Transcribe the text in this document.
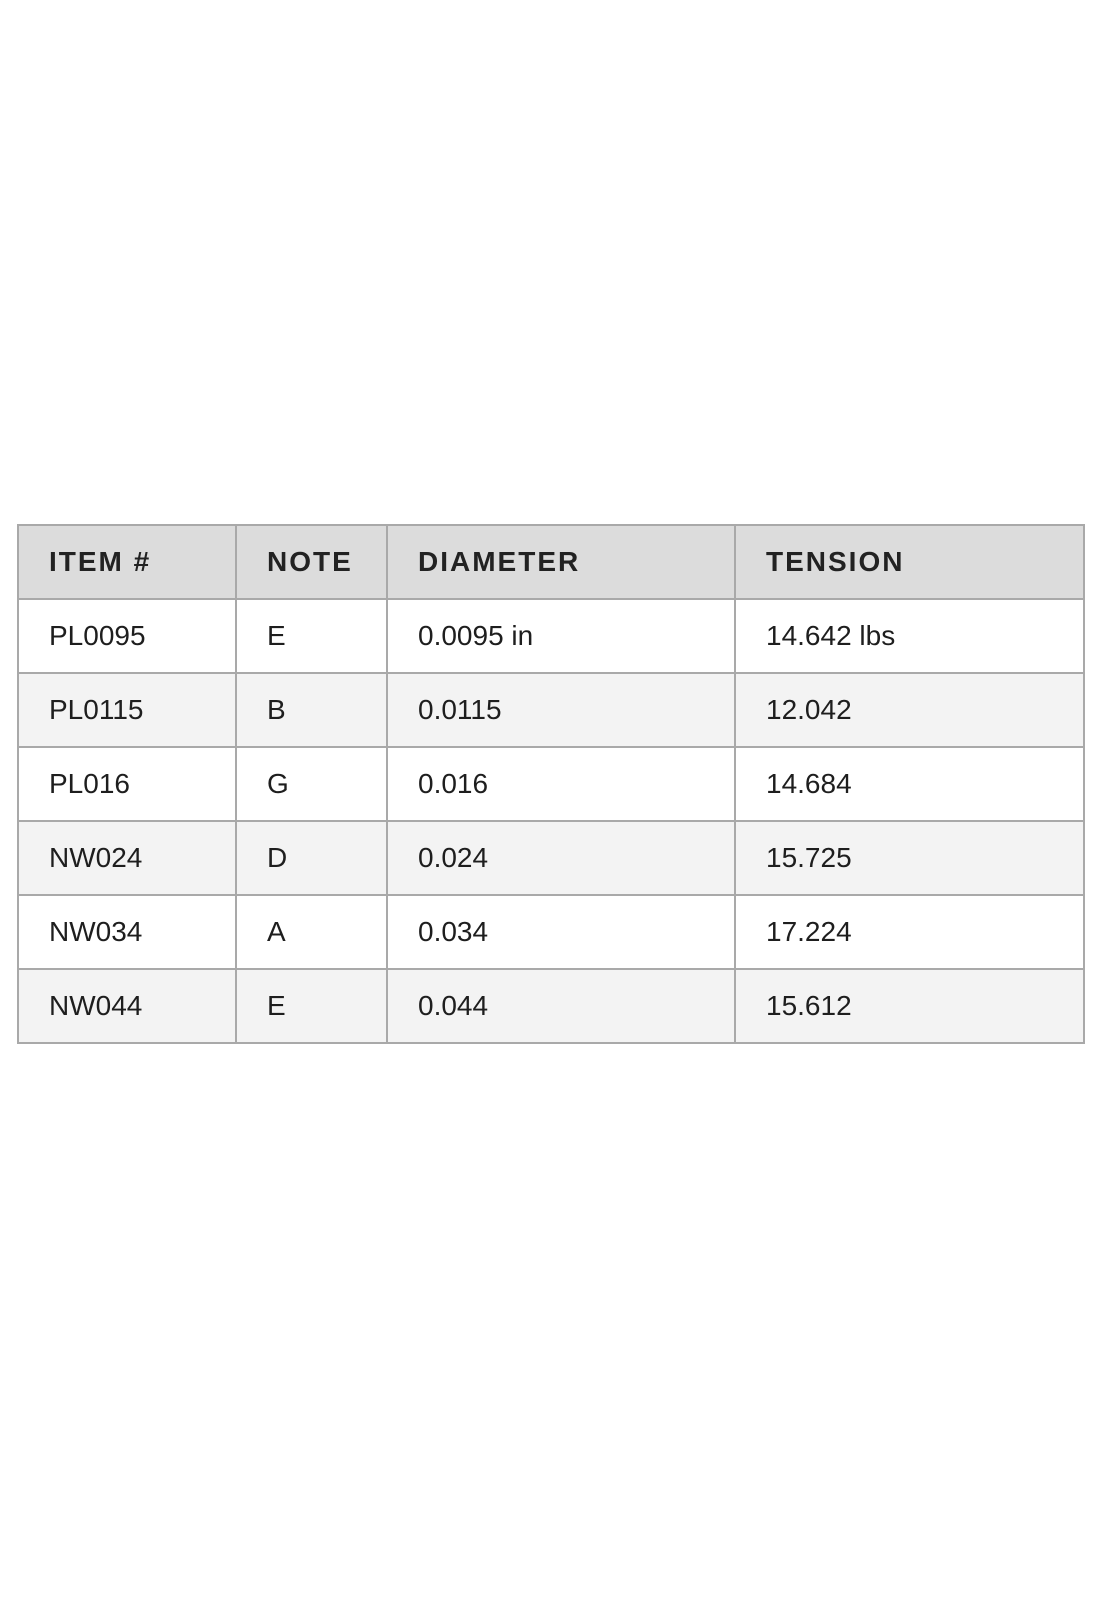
ITEM #	NOTE	DIAMETER	TENSION
PL0095	E	0.0095 in	14.642 lbs
PL0115	B	0.0115	12.042
PL016	G	0.016	14.684
NW024	D	0.024	15.725
NW034	A	0.034	17.224
NW044	E	0.044	15.612
